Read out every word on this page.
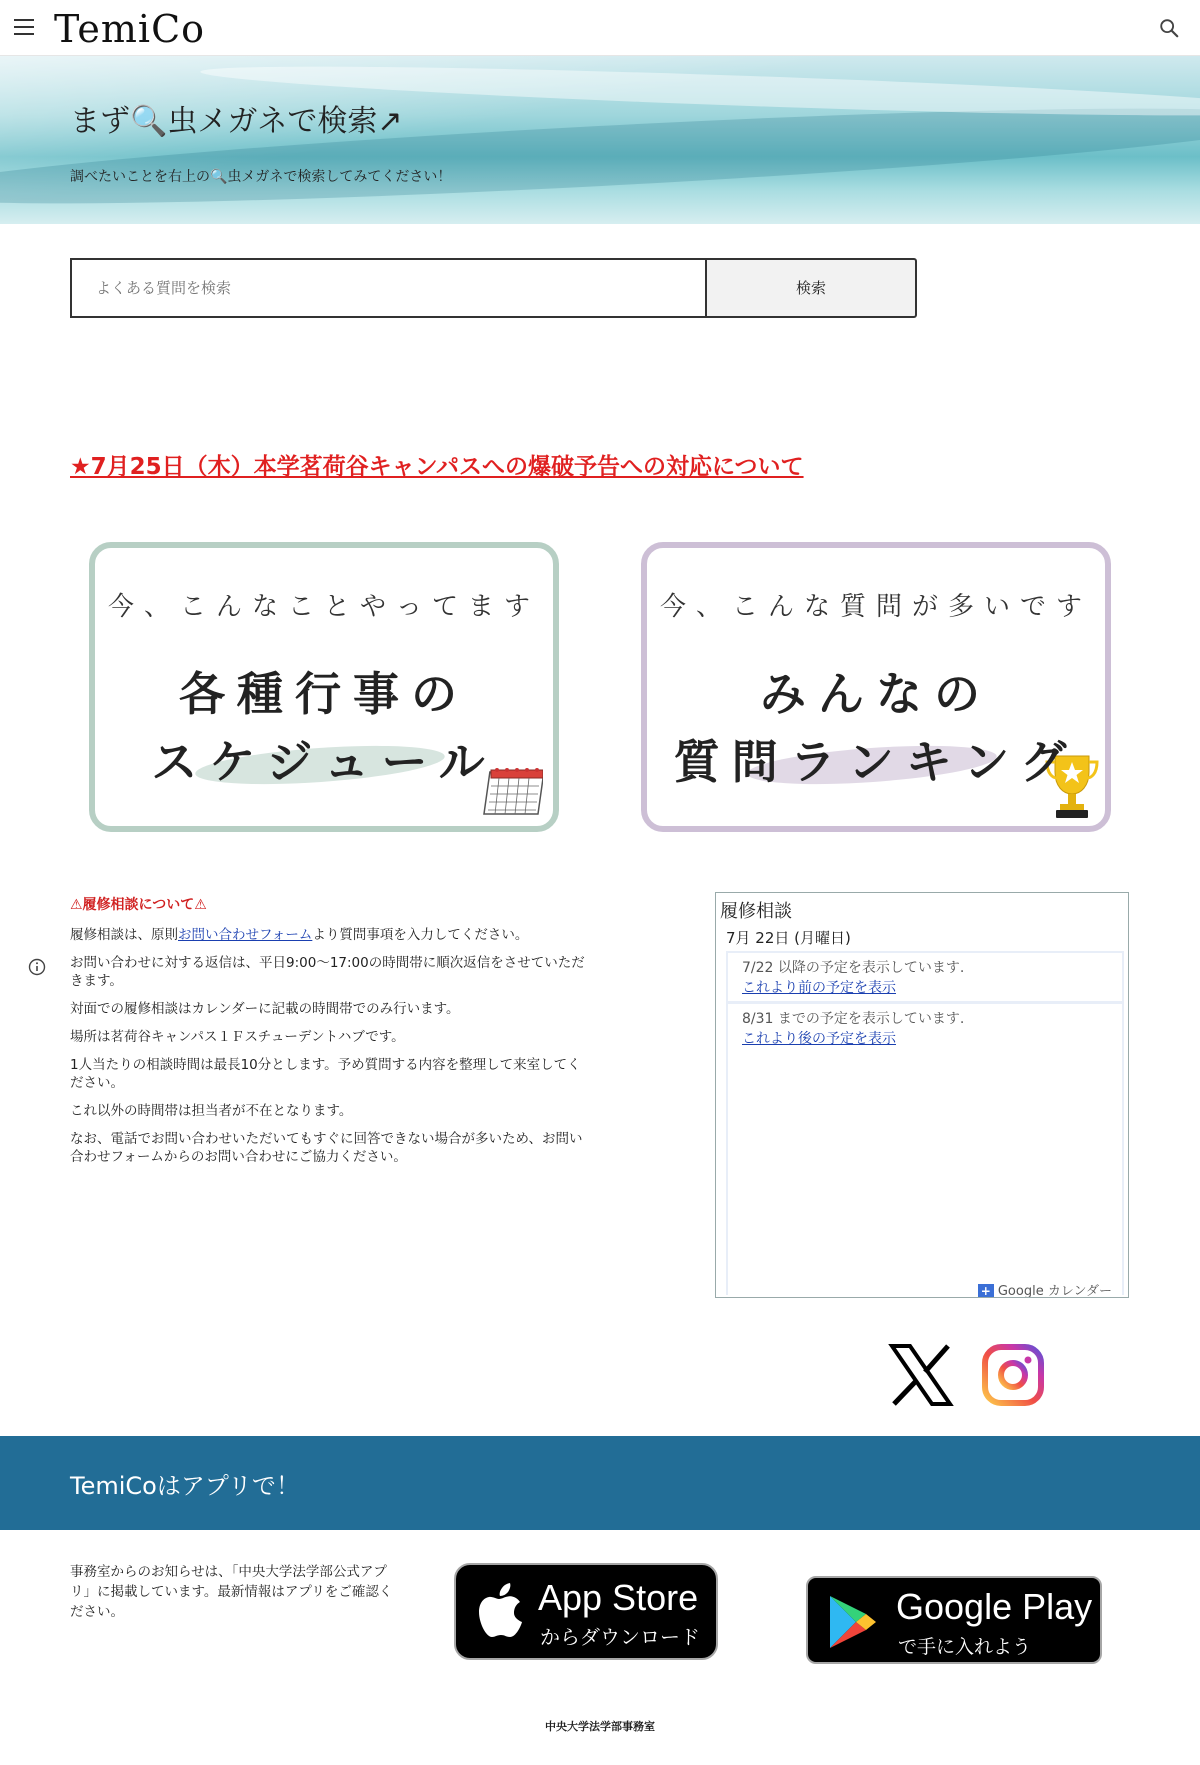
TemiCo
まず🔍虫メガネで検索↗
調べたいことを右上の🔍虫メガネで検索してみてください！
よくある質問を検索
検索
★7月25日（木）本学茗荷谷キャンパスへの爆破予告への対応について
今、こんなことやってます
各種行事の
スケジュール
今、こんな質問が多いです
みんなの
質問ランキング
⚠履修相談について⚠

履修相談は、原則お問い合わせフォームより質問事項を入力してください。

お問い合わせに対する返信は、平日9:00〜17:00の時間帯に順次返信をさせていただきます。

対面での履修相談はカレンダーに記載の時間帯でのみ行います。

場所は茗荷谷キャンパス１Ｆスチューデントハブです。

1人当たりの相談時間は最長10分とします。予め質問する内容を整理して来室してください。

これ以外の時間帯は担当者が不在となります。

なお、電話でお問い合わせいただいてもすぐに回答できない場合が多いため、お問い合わせフォームからのお問い合わせにご協力ください。

履修相談
7月 22日 (月曜日)
7/22 以降の予定を表示しています.
これより前の予定を表示
8/31 までの予定を表示しています.
これより後の予定を表示
+ Google カレンダー
TemiCoはアプリで！
事務室からのお知らせは、「中央大学法学部公式アプリ」に掲載しています。最新情報はアプリをご確認ください。	App Store
からダウンロード
Google Play
で手に入れよう
中央大学法学部事務室
